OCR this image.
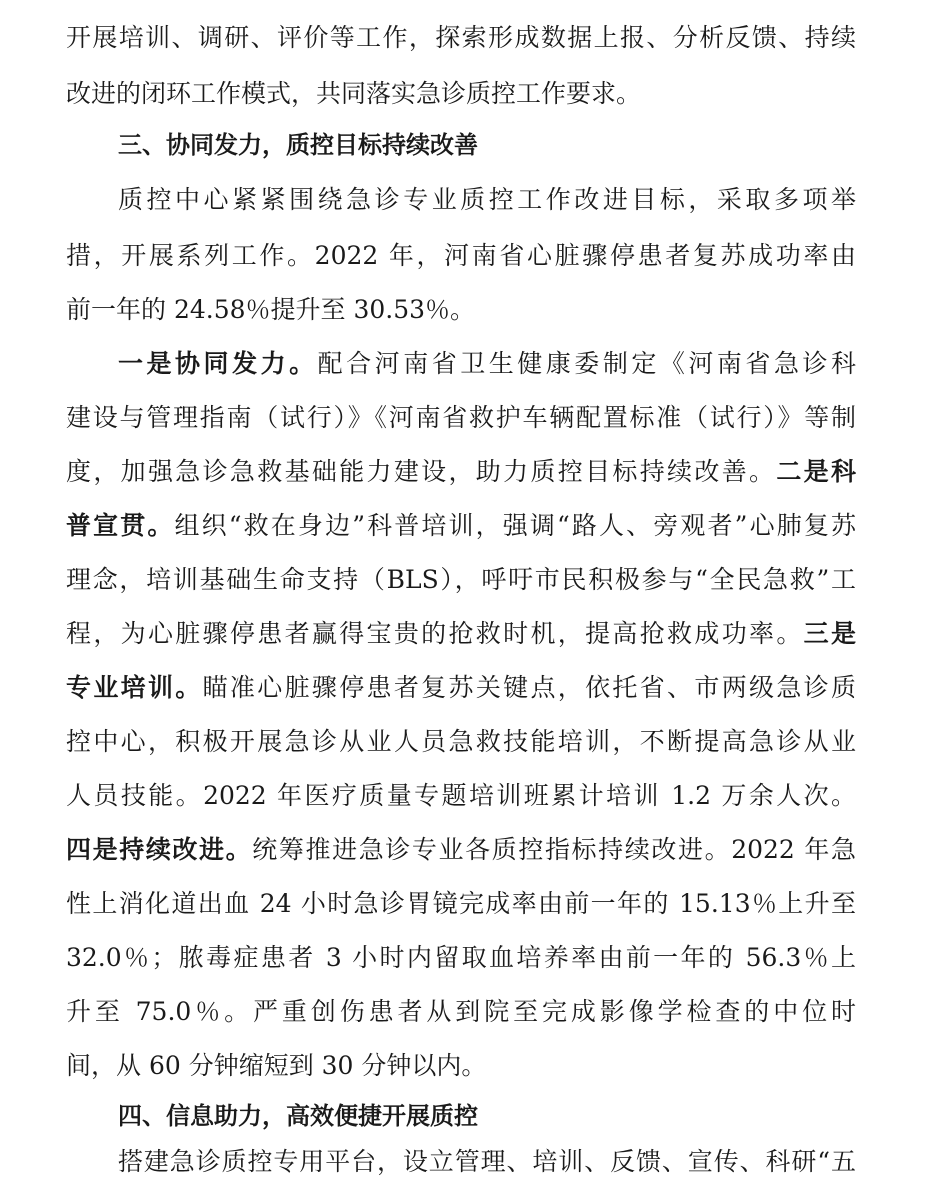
开展培训、调研、评价等工作，探索形成数据上报、分析反馈、持续
改进的闭环工作模式，共同落实急诊质控工作要求。
三、协同发力，质控目标持续改善
质控中心紧紧围绕急诊专业质控工作改进目标，采取多项举
措，开展系列工作。2022 年，河南省心脏骤停患者复苏成功率由
前一年的 24.58％提升至 30.53％。
一是协同发力。配合河南省卫生健康委制定《河南省急诊科
建设与管理指南（试行）》《河南省救护车辆配置标准（试行）》等制
度，加强急诊急救基础能力建设，助力质控目标持续改善。二是科
普宣贯。组织“救在身边”科普培训，强调“路人、旁观者”心肺复苏
理念，培训基础生命支持（BLS），呼吁市民积极参与“全民急救”工
程，为心脏骤停患者赢得宝贵的抢救时机，提高抢救成功率。三是
专业培训。瞄准心脏骤停患者复苏关键点，依托省、市两级急诊质
控中心，积极开展急诊从业人员急救技能培训，不断提高急诊从业
人员技能。2022 年医疗质量专题培训班累计培训 1.2 万余人次。
四是持续改进。统筹推进急诊专业各质控指标持续改进。2022 年急
性上消化道出血 24 小时急诊胃镜完成率由前一年的 15.13％上升至
32.0％；脓毒症患者 3 小时内留取血培养率由前一年的 56.3％上
升至 75.0％。严重创伤患者从到院至完成影像学检查的中位时
间，从 60 分钟缩短到 30 分钟以内。
四、信息助力，高效便捷开展质控
搭建急诊质控专用平台，设立管理、培训、反馈、宣传、科研“五
